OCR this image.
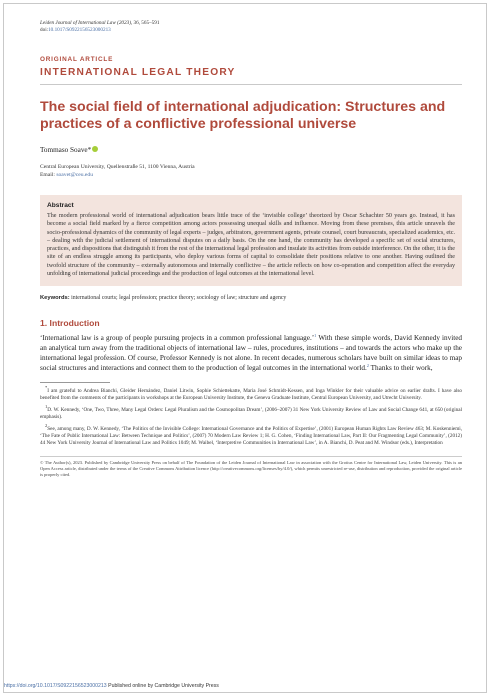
Leiden Journal of International Law (2023), 36, 565–591
doi:10.1017/S0922156523000213
ORIGINAL ARTICLE
INTERNATIONAL LEGAL THEORY
The social field of international adjudication: Structures and practices of a conflictive professional universe
Tommaso Soave*
Central European University, Quellenstraße 51, 1100 Vienna, Austria
Email: soavet@ceu.edu
Abstract
The modern professional world of international adjudication bears little trace of the ‘invisible college’ theorized by Oscar Schachter 50 years go. Instead, it has become a social field marked by a fierce competition among actors possessing unequal skills and influence. Moving from these premises, this article unravels the socio-professional dynamics of the community of legal experts – judges, arbitrators, government agents, private counsel, court bureaucrats, specialized academics, etc. – dealing with the judicial settlement of international disputes on a daily basis. On the one hand, the community has developed a specific set of social structures, practices, and dispositions that distinguish it from the rest of the international legal profession and insulate its activities from outside interference. On the other, it is the site of an endless struggle among its participants, who deploy various forms of capital to consolidate their positions relative to one another. Having outlined the twofold structure of the community – externally autonomous and internally conflictive – the article reflects on how co-operation and competition affect the everyday unfolding of international judicial proceedings and the production of legal outcomes at the international level.
Keywords: international courts; legal profession; practice theory; sociology of law; structure and agency
1. Introduction
‘International law is a group of people pursuing projects in a common professional language.’$^1$ With these simple words, David Kennedy invited an analytical turn away from the traditional objects of international law – rules, procedures, institutions – and towards the actors who make up the international legal profession. Of course, Professor Kennedy is not alone. In recent decades, numerous scholars have built on similar ideas to map social structures and interactions and connect them to the production of legal outcomes in the international world.$^2$ Thanks to their work,
*I am grateful to Andrea Bianchi, Gleider Hernández, Daniel Litwin, Sophie Schiettekatte, Maria José Schmidt-Kessen, and Inga Winkler for their valuable advice on earlier drafts. I have also benefited from the comments of the participants in workshops at the European University Institute, the Geneva Graduate Institute, Central European University, and Utrecht University.
$^1$D. W. Kennedy, ‘One, Two, Three, Many Legal Orders: Legal Pluralism and the Cosmopolitan Dream’, (2006–2007) 31 New York University Review of Law and Social Change 641, at 650 (original emphasis).
$^2$See, among many, D. W. Kennedy, ‘The Politics of the Invisible College: International Governance and the Politics of Expertise’, (2001) European Human Rights Law Review 463; M. Koskenniemi, ‘The Fate of Public International Law: Between Technique and Politics’, (2007) 70 Modern Law Review 1; H. G. Cohen, ‘Finding International Law, Part II: Our Fragmenting Legal Community’, (2012) 44 New York University Journal of International Law and Politics 1049; M. Waibel, ‘Interpretive Communities in International Law’, in A. Bianchi, D. Peat and M. Windsor (eds.), Interpretation
© The Author(s), 2023. Published by Cambridge University Press on behalf of The Foundation of the Leiden Journal of International Law in association with the Grotius Centre for International Law, Leiden University. This is an Open Access article, distributed under the terms of the Creative Commons Attribution licence (http://creativecommons.org/licenses/by/4.0/), which permits unrestricted re-use, distribution and reproduction, provided the original article is properly cited.
https://doi.org/10.1017/S0922156523000213 Published online by Cambridge University Press
